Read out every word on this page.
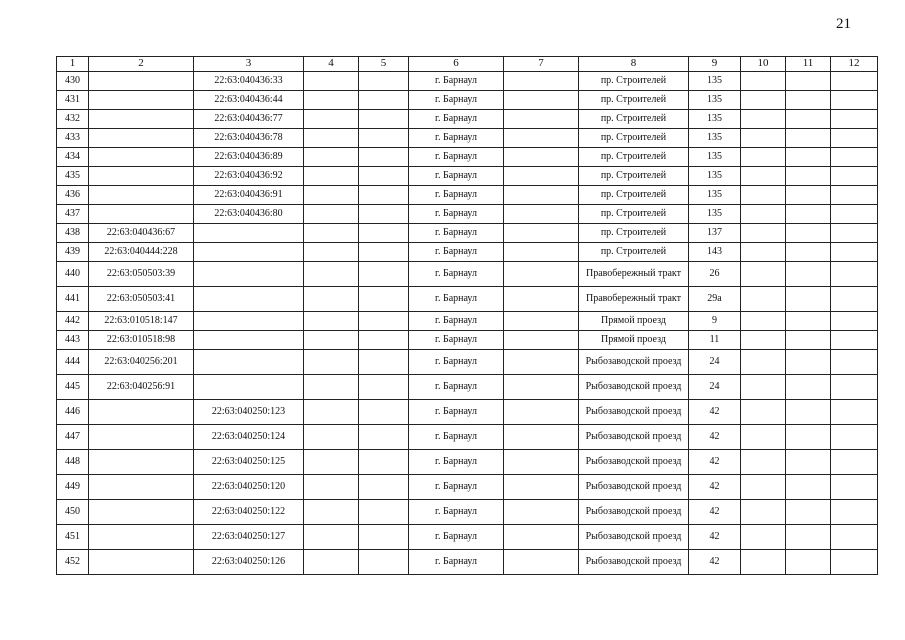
21
1	2	3	4	5	6	7	8	9	10	11	12
430		22:63:040436:33			г. Барнаул		пр. Строителей	135			
431		22:63:040436:44			г. Барнаул		пр. Строителей	135			
432		22:63:040436:77			г. Барнаул		пр. Строителей	135			
433		22:63:040436:78			г. Барнаул		пр. Строителей	135			
434		22:63:040436:89			г. Барнаул		пр. Строителей	135			
435		22:63:040436:92			г. Барнаул		пр. Строителей	135			
436		22:63:040436:91			г. Барнаул		пр. Строителей	135			
437		22:63:040436:80			г. Барнаул		пр. Строителей	135			
438	22:63:040436:67				г. Барнаул		пр. Строителей	137			
439	22:63:040444:228				г. Барнаул		пр. Строителей	143			
440	22:63:050503:39				г. Барнаул		Правобережный тракт	26			
441	22:63:050503:41				г. Барнаул		Правобережный тракт	29а			
442	22:63:010518:147				г. Барнаул		Прямой проезд	9			
443	22:63:010518:98				г. Барнаул		Прямой проезд	11			
444	22:63:040256:201				г. Барнаул		Рыбозаводской проезд	24			
445	22:63:040256:91				г. Барнаул		Рыбозаводской проезд	24			
446		22:63:040250:123			г. Барнаул		Рыбозаводской проезд	42			
447		22:63:040250:124			г. Барнаул		Рыбозаводской проезд	42			
448		22:63:040250:125			г. Барнаул		Рыбозаводской проезд	42			
449		22:63:040250:120			г. Барнаул		Рыбозаводской проезд	42			
450		22:63:040250:122			г. Барнаул		Рыбозаводской проезд	42			
451		22:63:040250:127			г. Барнаул		Рыбозаводской проезд	42			
452		22:63:040250:126			г. Барнаул		Рыбозаводской проезд	42			
